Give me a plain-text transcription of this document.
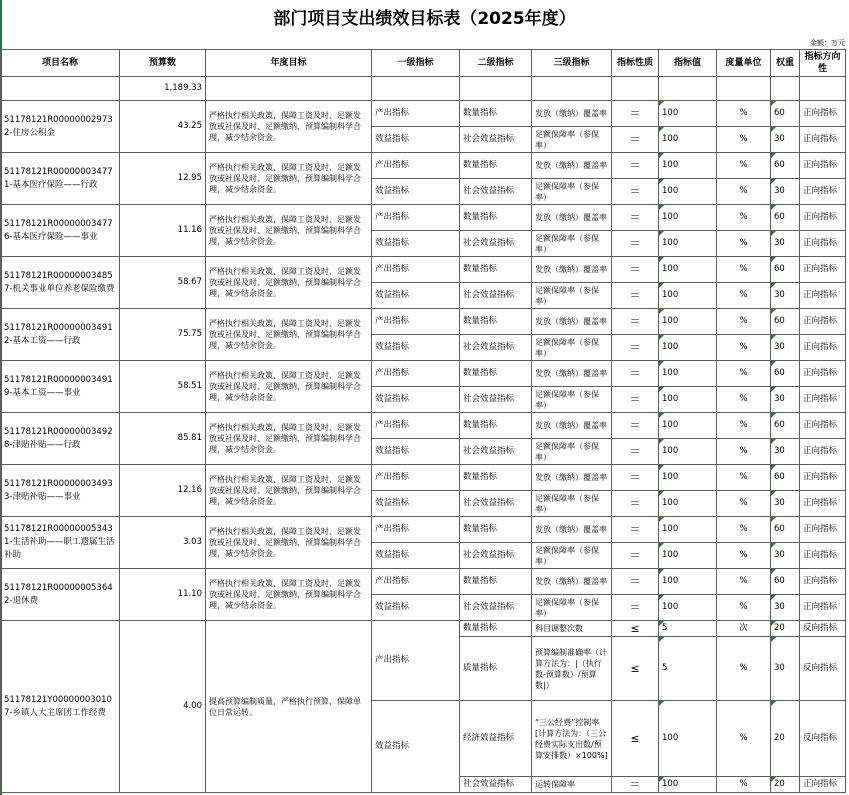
部门项目支出绩效目标表（2025年度）
金额：万元
项目名称	预算数	年度目标	一级指标	二级指标	三级指标	指标性质	指标值	度量单位	权重	指标方向性
	1,189.33									
51178121R000000029732-住房公积金	43.25	严格执行相关政策，保障工资及时、足额发放或社保及时、足额缴纳，预算编制科学合理，减少结余资金。	产出指标	数量指标	发放（缴纳）覆盖率	＝	100	%	60	正向指标
			效益指标	社会效益指标	足额保障率（参保率）	＝	100	%	30	正向指标
51178121R000000034771-基本医疗保险——行政	12.95	严格执行相关政策，保障工资及时、足额发放或社保及时、足额缴纳，预算编制科学合理，减少结余资金。	产出指标	数量指标	发放（缴纳）覆盖率	＝	100	%	60	正向指标
			效益指标	社会效益指标	足额保障率（参保率）	＝	100	%	30	正向指标
51178121R000000034776-基本医疗保险——事业	11.16	严格执行相关政策，保障工资及时、足额发放或社保及时、足额缴纳，预算编制科学合理，减少结余资金。	产出指标	数量指标	发放（缴纳）覆盖率	＝	100	%	60	正向指标
			效益指标	社会效益指标	足额保障率（参保率）	＝	100	%	30	正向指标
51178121R000000034857-机关事业单位养老保险缴费	58.67	严格执行相关政策，保障工资及时、足额发放或社保及时、足额缴纳，预算编制科学合理，减少结余资金。	产出指标	数量指标	发放（缴纳）覆盖率	＝	100	%	60	正向指标
			效益指标	社会效益指标	足额保障率（参保率）	＝	100	%	30	正向指标
51178121R000000034912-基本工资——行政	75.75	严格执行相关政策，保障工资及时、足额发放或社保及时、足额缴纳，预算编制科学合理，减少结余资金。	产出指标	数量指标	发放（缴纳）覆盖率	＝	100	%	60	正向指标
			效益指标	社会效益指标	足额保障率（参保率）	＝	100	%	30	正向指标
51178121R000000034919-基本工资——事业	58.51	严格执行相关政策，保障工资及时、足额发放或社保及时、足额缴纳，预算编制科学合理，减少结余资金。	产出指标	数量指标	发放（缴纳）覆盖率	＝	100	%	60	正向指标
			效益指标	社会效益指标	足额保障率（参保率）	＝	100	%	30	正向指标
51178121R000000034928-津贴补贴——行政	85.81	严格执行相关政策，保障工资及时、足额发放或社保及时、足额缴纳，预算编制科学合理，减少结余资金。	产出指标	数量指标	发放（缴纳）覆盖率	＝	100	%	60	正向指标
			效益指标	社会效益指标	足额保障率（参保率）	＝	100	%	30	正向指标
51178121R000000034933-津贴补贴——事业	12.16	严格执行相关政策，保障工资及时、足额发放或社保及时、足额缴纳，预算编制科学合理，减少结余资金。	产出指标	数量指标	发放（缴纳）覆盖率	＝	100	%	60	正向指标
			效益指标	社会效益指标	足额保障率（参保率）	＝	100	%	30	正向指标
51178121R000000053431-生活补助——职工遗属生活补助	3.03	严格执行相关政策，保障工资及时、足额发放或社保及时、足额缴纳，预算编制科学合理，减少结余资金。	产出指标	数量指标	发放（缴纳）覆盖率	＝	100	%	60	正向指标
			效益指标	社会效益指标	足额保障率（参保率）	＝	100	%	30	正向指标
51178121R000000053642-退休费	11.10	严格执行相关政策，保障工资及时、足额发放或社保及时、足额缴纳，预算编制科学合理，减少结余资金。	产出指标	数量指标	发放（缴纳）覆盖率	＝	100	%	60	正向指标
			效益指标	社会效益指标	足额保障率（参保率）	＝	100	%	30	正向指标
51178121Y000000030107-乡镇人大主席团工作经费	4.00	提高预算编制质量，严格执行预算，保障单位日常运转。	产出指标	数量指标	科目调整次数	≤	5	次	20	反向指标
				质量指标	预算编制准确率（计算方法为：|（执行数-预算数）/预算数|）	≤	5	%	30	反向指标
			效益指标	经济效益指标	“三公经费”控制率[计算方法为：（三公经费实际支出数/预算安排数）×100%]	≤	100	%	20	反向指标
				社会效益指标	运转保障率	＝	100	%	20	正向指标
